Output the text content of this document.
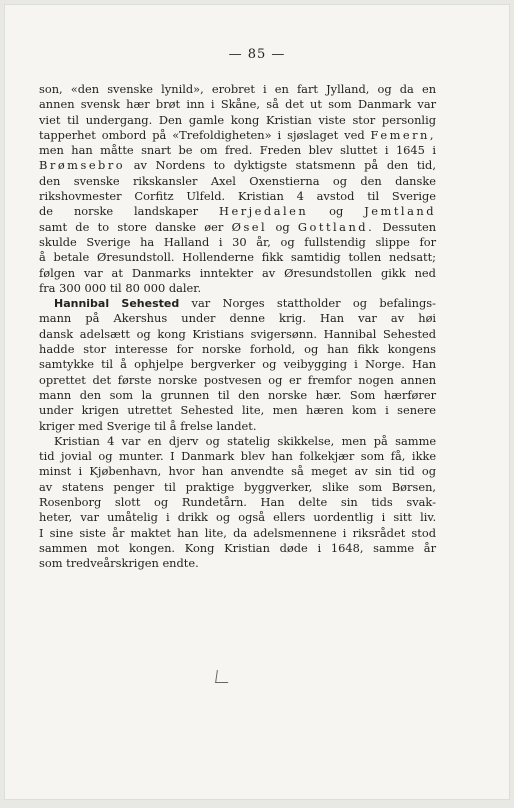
— 85 —
son, «den svenske lynild», erobret i en fart Jylland, og da en
annen svensk hær brøt inn i Skåne, så det ut som Danmark var
viet til undergang. Den gamle kong Kristian viste stor personlig
tapperhet ombord på «Trefoldigheten» i sjøslaget ved Femern,
men han måtte snart be om fred. Freden blev sluttet i 1645 i
Brømsebro av Nordens to dyktigste statsmenn på den tid,
den svenske rikskansler Axel Oxenstierna og den danske
rikshovmester Corfitz Ulfeld. Kristian 4 avstod til Sverige
de norske landskaper Herjedalen og Jemtland
samt de to store danske øer Øsel og Gottland. Dessuten
skulde Sverige ha Halland i 30 år, og fullstendig slippe for
å betale Øresundstoll. Hollenderne fikk samtidig tollen nedsatt;
følgen var at Danmarks inntekter av Øresundstollen gikk ned
fra 300 000 til 80 000 daler.
Hannibal Sehested var Norges stattholder og befalings-
mann på Akershus under denne krig. Han var av høi
dansk adelsætt og kong Kristians svigersønn. Hannibal Sehested
hadde stor interesse for norske forhold, og han fikk kongens
samtykke til å ophjelpe bergverker og veibygging i Norge. Han
oprettet det første norske postvesen og er fremfor nogen annen
mann den som la grunnen til den norske hær. Som hærfører
under krigen utrettet Sehested lite, men hæren kom i senere
kriger med Sverige til å frelse landet.
Kristian 4 var en djerv og statelig skikkelse, men på samme
tid jovial og munter. I Danmark blev han folkekjær som få, ikke
minst i Kjøbenhavn, hvor han anvendte så meget av sin tid og
av statens penger til praktige byggverker, slike som Børsen,
Rosenborg slott og Rundetårn. Han delte sin tids svak-
heter, var umåtelig i drikk og også ellers uordentlig i sitt liv.
I sine siste år maktet han lite, da adelsmennene i riksrådet stod
sammen mot kongen. Kong Kristian døde i 1648, samme år
som tredveårskrigen endte.
